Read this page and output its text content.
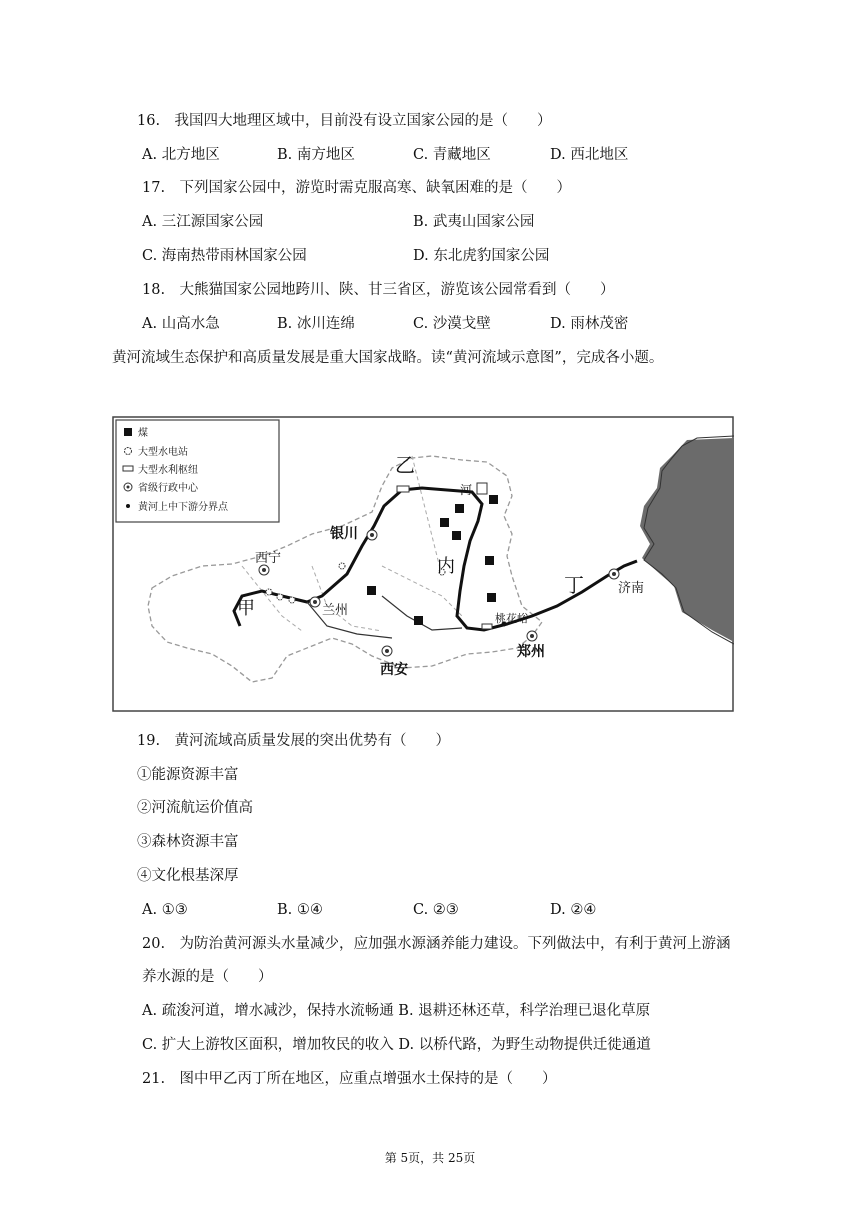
16.　我国四大地理区域中，目前没有设立国家公园的是（　　）
A. 北方地区	B. 南方地区	C. 青藏地区	D. 西北地区
17.　下列国家公园中，游览时需克服高寒、缺氧困难的是（　　）
A. 三江源国家公园	B. 武夷山国家公园
C. 海南热带雨林国家公园	D. 东北虎豹国家公园
18.　大熊猫国家公园地跨川、陕、甘三省区，游览该公园常看到（　　）
A. 山高水急	B. 冰川连绵	C. 沙漠戈壁	D. 雨林茂密
黄河流域生态保护和高质量发展是重大国家战略。读“黄河流域示意图”，完成各小题。
煤
大型水电站
大型水利枢纽
省级行政中心
黄河上中下游分界点
乙
河
内
甲
丁
银川
西宁
兰州
西安
郑州
济南
桃花峪
19.　黄河流域高质量发展的突出优势有（　　）
①能源资源丰富
②河流航运价值高
③森林资源丰富
④文化根基深厚
A. ①③	B. ①④	C. ②③	D. ②④
20.　为防治黄河源头水量减少，应加强水源涵养能力建设。下列做法中，有利于黄河上游涵
养水源的是（　　）
A. 疏浚河道，增水减沙，保持水流畅通 B. 退耕还林还草，科学治理已退化草原
C. 扩大上游牧区面积，增加牧民的收入 D. 以桥代路，为野生动物提供迁徙通道
21.　图中甲乙丙丁所在地区，应重点增强水土保持的是（　　）
第 5页，共 25页
